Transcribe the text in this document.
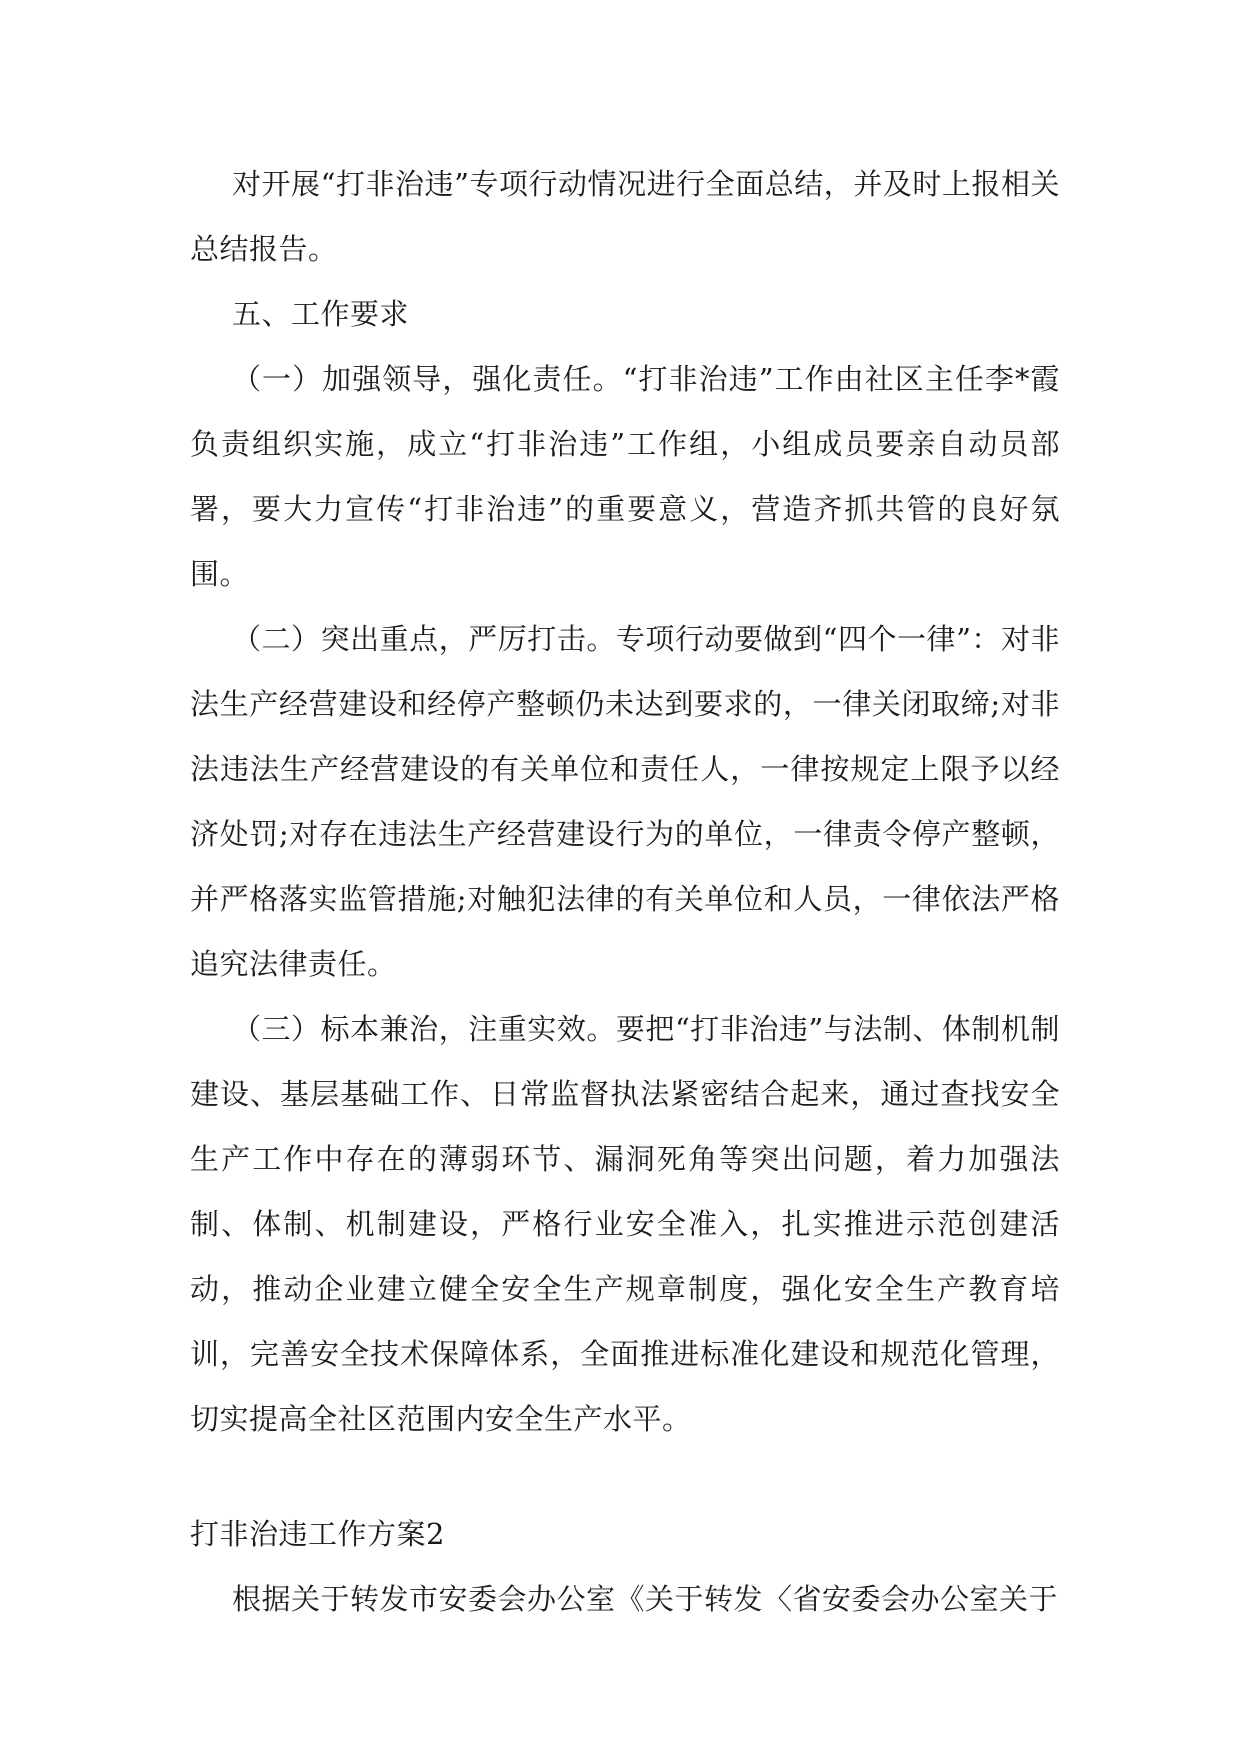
对开展“打非治违”专项行动情况进行全面总结，并及时上报相关总结报告。

五、工作要求

（一）加强领导，强化责任。“打非治违”工作由社区主任李*霞负责组织实施，成立“打非治违”工作组，小组成员要亲自动员部署，要大力宣传“打非治违”的重要意义，营造齐抓共管的良好氛围。

（二）突出重点，严厉打击。专项行动要做到“四个一律”：对非法生产经营建设和经停产整顿仍未达到要求的，一律关闭取缔;对非法违法生产经营建设的有关单位和责任人，一律按规定上限予以经济处罚;对存在违法生产经营建设行为的单位，一律责令停产整顿，并严格落实监管措施;对触犯法律的有关单位和人员，一律依法严格追究法律责任。

（三）标本兼治，注重实效。要把“打非治违”与法制、体制机制建设、基层基础工作、日常监督执法紧密结合起来，通过查找安全生产工作中存在的薄弱环节、漏洞死角等突出问题，着力加强法制、体制、机制建设，严格行业安全准入，扎实推进示范创建活动，推动企业建立健全安全生产规章制度，强化安全生产教育培训，完善安全技术保障体系，全面推进标准化建设和规范化管理，切实提高全社区范围内安全生产水平。

打非治违工作方案2

根据关于转发市安委会办公室《关于转发〈省安委会办公室关于
